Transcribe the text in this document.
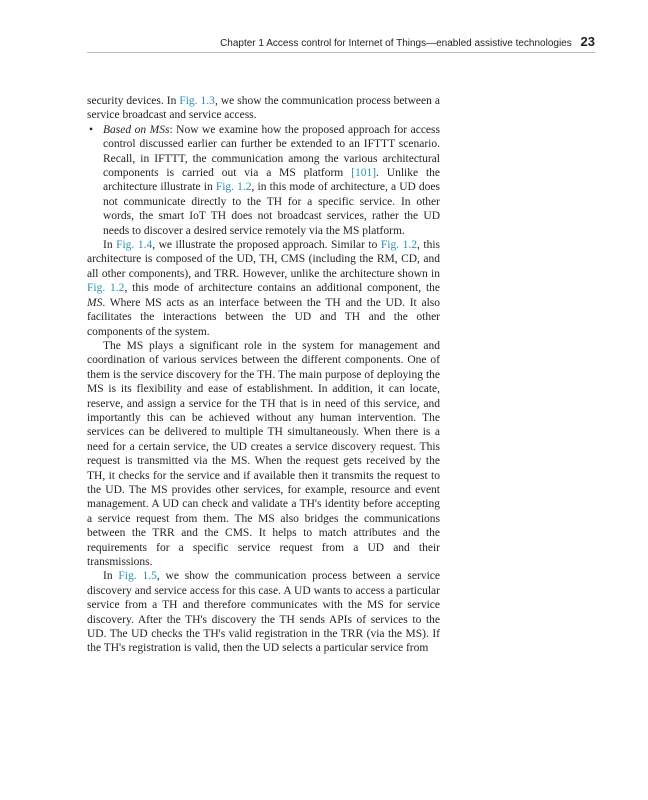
Chapter 1 Access control for Internet of Things—enabled assistive technologies 23

security devices. In Fig. 1.3, we show the communication process between a service broadcast and service access.

• Based on MSs: Now we examine how the proposed approach for access control discussed earlier can further be extended to an IFTTT scenario. Recall, in IFTTT, the communication among the various architectural components is carried out via a MS platform [101]. Unlike the architecture illustrate in Fig. 1.2, in this mode of architecture, a UD does not communicate directly to the TH for a specific service. In other words, the smart IoT TH does not broadcast services, rather the UD needs to discover a desired service remotely via the MS platform.

In Fig. 1.4, we illustrate the proposed approach. Similar to Fig. 1.2, this architecture is composed of the UD, TH, CMS (including the RM, CD, and all other components), and TRR. However, unlike the architecture shown in Fig. 1.2, this mode of architecture contains an additional component, the MS. Where MS acts as an interface between the TH and the UD. It also facilitates the interactions between the UD and TH and the other components of the system.

The MS plays a significant role in the system for management and coordination of various services between the different components. One of them is the service discovery for the TH. The main purpose of deploying the MS is its flexibility and ease of establishment. In addition, it can locate, reserve, and assign a service for the TH that is in need of this service, and importantly this can be achieved without any human intervention. The services can be delivered to multiple TH simultaneously. When there is a need for a certain service, the UD creates a service discovery request. This request is transmitted via the MS. When the request gets received by the TH, it checks for the service and if available then it transmits the request to the UD. The MS provides other services, for example, resource and event management. A UD can check and validate a TH's identity before accepting a service request from them. The MS also bridges the communications between the TRR and the CMS. It helps to match attributes and the requirements for a specific service request from a UD and their transmissions.

In Fig. 1.5, we show the communication process between a service discovery and service access for this case. A UD wants to access a particular service from a TH and therefore communicates with the MS for service discovery. After the TH's discovery the TH sends APIs of services to the UD. The UD checks the TH's valid registration in the TRR (via the MS). If the TH's registration is valid, then the UD selects a particular service from
